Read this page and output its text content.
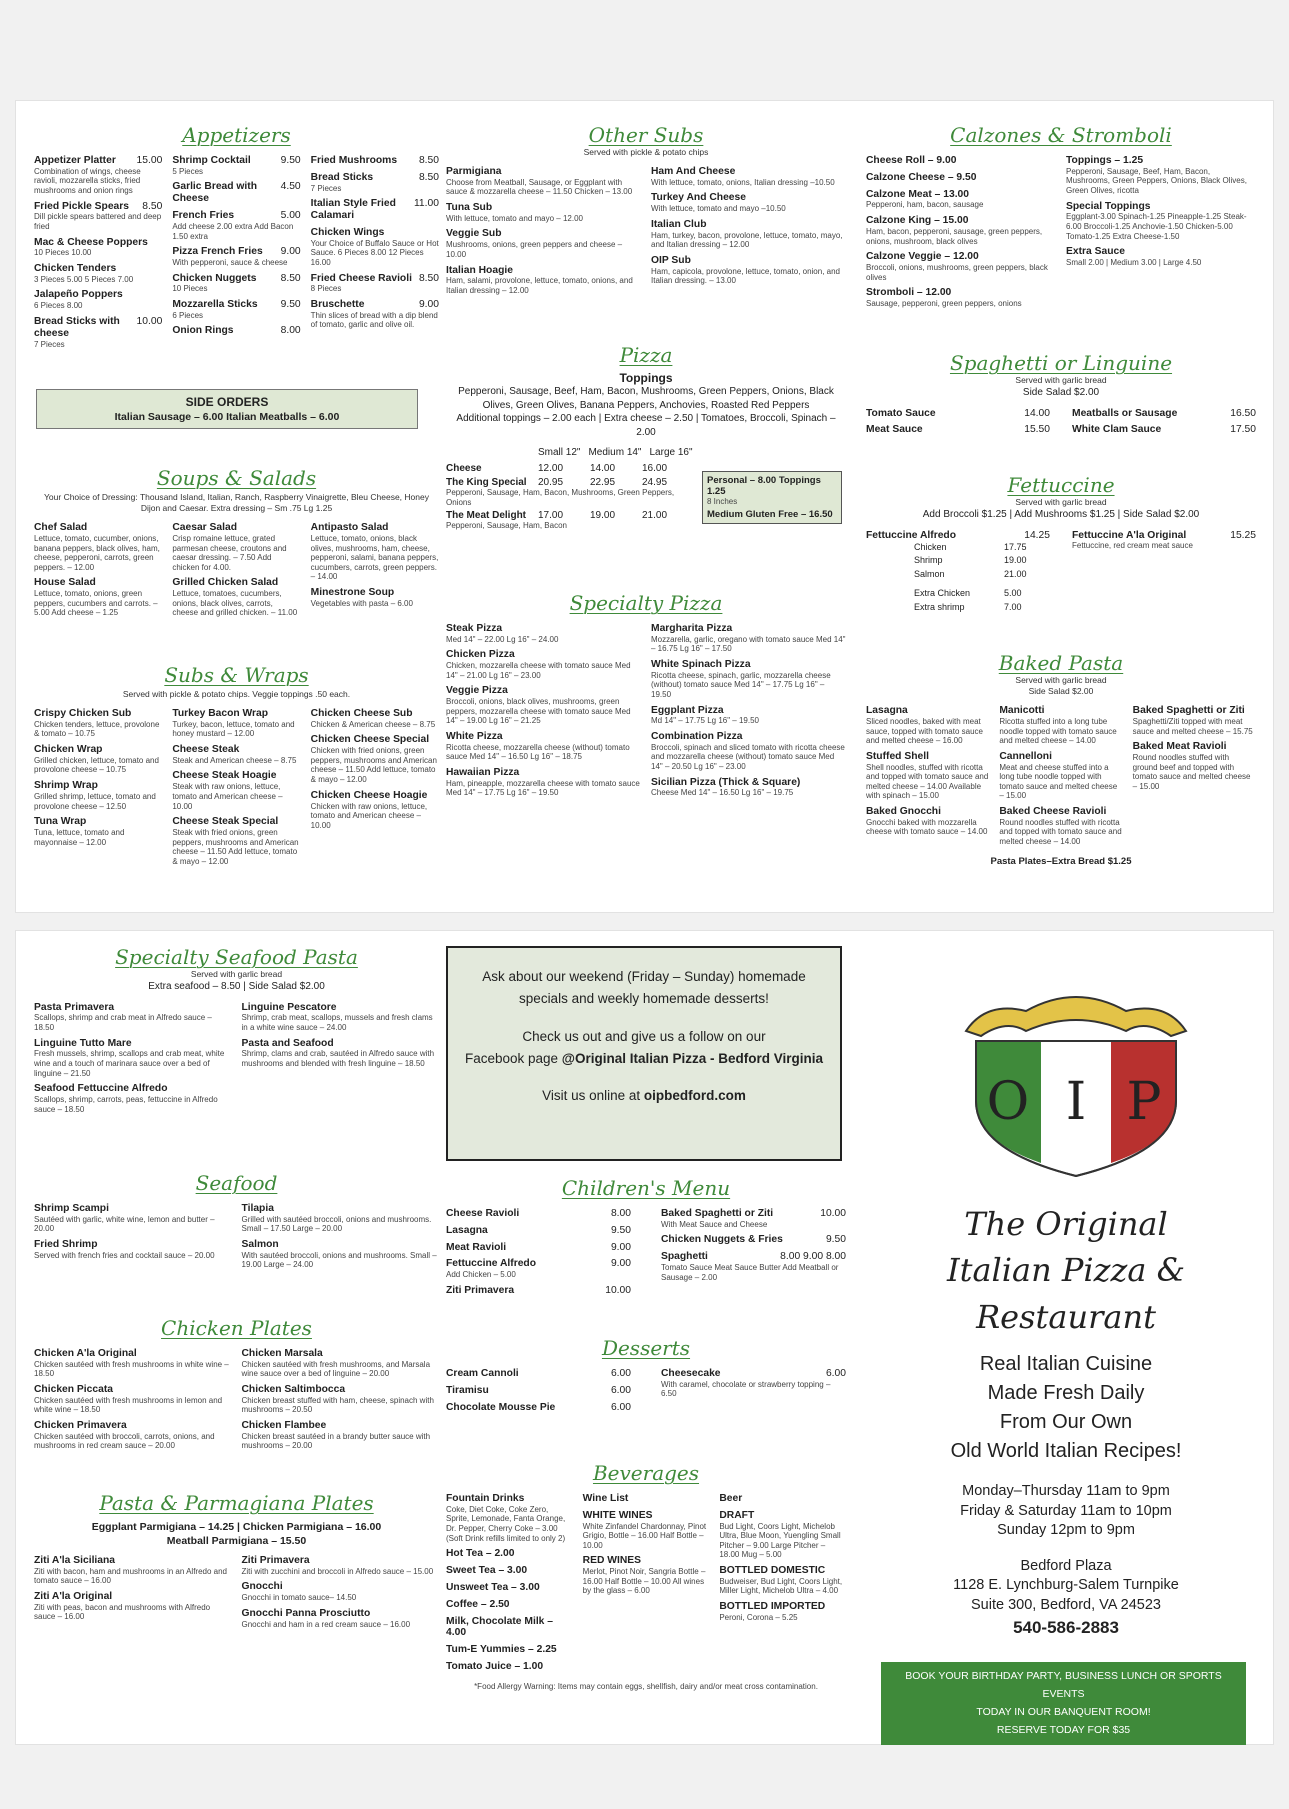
Appetizers
Appetizer Platter 15.00
Combination of wings, cheese ravioli, mozzarella sticks, fried mushrooms and onion rings
Fried Pickle Spears 8.50
Dill pickle spears battered and deep fried
Mac & Cheese Poppers
10 Pieces 10.00
Chicken Tenders
3 Pieces 5.00 5 Pieces 7.00
Jalapeño Poppers
6 Pieces 8.00
Bread Sticks with cheese
10.00
7 Pieces
Shrimp Cocktail	9.50
5 Pieces
Garlic Bread with Cheese
4.50
French Fries	5.00
Add cheese 2.00 extra Add Bacon 1.50 extra
Pizza French Fries 9.00
With pepperoni, sauce & cheese
Chicken Nuggets 8.50
10 Pieces
Mozzarella Sticks 9.50
6 Pieces
Onion Rings	8.00
Fried Mushrooms 8.50
Bread Sticks	8.50
7 Pieces
Italian Style Fried Calamari
11.00
Chicken Wings
Your Choice of Buffalo Sauce or Hot Sauce. 6 Pieces 8.00 12 Pieces 16.00
Fried Cheese Ravioli 8.50
8 Pieces
Bruschette	9.00
Thin slices of bread with a dip blend of tomato, garlic and olive oil.
SIDE ORDERS
Italian Sausage – 6.00 Italian Meatballs – 6.00
Soups & Salads
Your Choice of Dressing: Thousand Island, Italian, Ranch, Raspberry Vinaigrette, Bleu Cheese, Honey Dijon and Caesar. Extra dressing – Sm .75 Lg 1.25
Chef Salad
Lettuce, tomato, cucumber, onions, banana peppers, black olives, ham, cheese, pepperoni, carrots, green peppers. – 12.00
House Salad
Lettuce, tomato, onions, green peppers, cucumbers and carrots. – 5.00 Add cheese – 1.25
Caesar Salad
Crisp romaine lettuce, grated parmesan cheese, croutons and caesar dressing. – 7.50 Add chicken for 4.00.
Grilled Chicken Salad
Lettuce, tomatoes, cucumbers, onions, black olives, carrots, cheese and grilled chicken. – 11.00
Antipasto Salad
Lettuce, tomato, onions, black olives, mushrooms, ham, cheese, pepperoni, salami, banana peppers, cucumbers, carrots, green peppers. – 14.00
Minestrone Soup
Vegetables with pasta – 6.00
Subs & Wraps
Served with pickle & potato chips. Veggie toppings .50 each.
Crispy Chicken Sub
Chicken tenders, lettuce, provolone & tomato – 10.75
Chicken Wrap
Grilled chicken, lettuce, tomato and provolone cheese – 10.75
Shrimp Wrap
Grilled shrimp, lettuce, tomato and provolone cheese – 12.50
Tuna Wrap
Tuna, lettuce, tomato and mayonnaise – 12.00
Turkey Bacon Wrap
Turkey, bacon, lettuce, tomato and honey mustard – 12.00
Cheese Steak
Steak and American cheese – 8.75
Cheese Steak Hoagie
Steak with raw onions, lettuce, tomato and American cheese – 10.00
Cheese Steak Special
Steak with fried onions, green peppers, mushrooms and American cheese – 11.50 Add lettuce, tomato & mayo – 12.00
Chicken Cheese Sub
Chicken & American cheese – 8.75
Chicken Cheese Special
Chicken with fried onions, green peppers, mushrooms and American cheese – 11.50 Add lettuce, tomato & mayo – 12.00
Chicken Cheese Hoagie
Chicken with raw onions, lettuce, tomato and American cheese – 10.00
Other Subs
Served with pickle & potato chips
Parmigiana
Choose from Meatball, Sausage, or Eggplant with sauce & mozzarella cheese – 11.50 Chicken – 13.00
Tuna Sub
With lettuce, tomato and mayo – 12.00
Veggie Sub
Mushrooms, onions, green peppers and cheese – 10.00
Italian Hoagie
Ham, salami, provolone, lettuce, tomato, onions, and Italian dressing – 12.00
Ham And Cheese
With lettuce, tomato, onions, Italian dressing –10.50
Turkey And Cheese
With lettuce, tomato and mayo –10.50
Italian Club
Ham, turkey, bacon, provolone, lettuce, tomato, mayo, and Italian dressing – 12.00
OIP Sub
Ham, capicola, provolone, lettuce, tomato, onion, and Italian dressing. – 13.00
Pizza
Toppings
Pepperoni, Sausage, Beef, Ham, Bacon, Mushrooms, Green Peppers, Onions, Black Olives, Green Olives, Banana Peppers, Anchovies, Roasted Red Peppers
Additional toppings – 2.00 each | Extra cheese – 2.50 | Tomatoes, Broccoli, Spinach – 2.00
	Small 12"	Medium 14"	Large 16"
Cheese	12.00	14.00	16.00
The King Special	20.95	22.95	24.95
Pepperoni, Sausage, Ham, Bacon, Mushrooms, Green Peppers, Onions
The Meat Delight	17.00	19.00	21.00
Pepperoni, Sausage, Ham, Bacon
Personal – 8.00 Toppings 1.25
8 Inches
Medium Gluten Free – 16.50
Specialty Pizza
Steak Pizza
Med 14" – 22.00 Lg 16" – 24.00
Chicken Pizza
Chicken, mozzarella cheese with tomato sauce Med 14" – 21.00 Lg 16" – 23.00
Veggie Pizza
Broccoli, onions, black olives, mushrooms, green peppers, mozzarella cheese with tomato sauce Med 14" – 19.00 Lg 16" – 21.25
White Pizza
Ricotta cheese, mozzarella cheese (without) tomato sauce Med 14" – 16.50 Lg 16" – 18.75
Hawaiian Pizza
Ham, pineapple, mozzarella cheese with tomato sauce Med 14" – 17.75 Lg 16" – 19.50
Margharita Pizza
Mozzarella, garlic, oregano with tomato sauce Med 14" – 16.75 Lg 16" – 17.50
White Spinach Pizza
Ricotta cheese, spinach, garlic, mozzarella cheese (without) tomato sauce Med 14" – 17.75 Lg 16" – 19.50
Eggplant Pizza
Md 14" – 17.75 Lg 16" – 19.50
Combination Pizza
Broccoli, spinach and sliced tomato with ricotta cheese and mozzarella cheese (without) tomato sauce Med 14" – 20.50 Lg 16" – 23.00
Sicilian Pizza (Thick & Square)
Cheese Med 14" – 16.50 Lg 16" – 19.75
Calzones & Stromboli
Cheese Roll – 9.00
Calzone Cheese – 9.50
Calzone Meat – 13.00
Pepperoni, ham, bacon, sausage
Calzone King – 15.00
Ham, bacon, pepperoni, sausage, green peppers, onions, mushroom, black olives
Calzone Veggie – 12.00
Broccoli, onions, mushrooms, green peppers, black olives
Stromboli – 12.00
Sausage, pepperoni, green peppers, onions
Toppings – 1.25
Pepperoni, Sausage, Beef, Ham, Bacon, Mushrooms, Green Peppers, Onions, Black Olives, Green Olives, ricotta
Special Toppings
Eggplant-3.00 Spinach-1.25 Pineapple-1.25 Steak-6.00 Broccoli-1.25 Anchovie-1.50 Chicken-5.00 Tomato-1.25 Extra Cheese-1.50
Extra Sauce
Small 2.00 | Medium 3.00 | Large 4.50
Spaghetti or Linguine
Served with garlic bread
Side Salad $2.00
Tomato Sauce	14.00
Meat Sauce	15.50
Meatballs or Sausage	16.50
White Clam Sauce	17.50
Fettuccine
Served with garlic bread
Add Broccoli $1.25 | Add Mushrooms $1.25 | Side Salad $2.00
Fettuccine Alfredo	14.25
Chicken	17.75
Shrimp	19.00
Salmon	21.00
Extra Chicken	5.00
Extra shrimp	7.00
Fettuccine A'la Original	15.25
Fettuccine, red cream meat sauce
Baked Pasta
Served with garlic bread
Side Salad $2.00
Lasagna
Sliced noodles, baked with meat sauce, topped with tomato sauce and melted cheese – 16.00
Stuffed Shell
Shell noodles, stuffed with ricotta and topped with tomato sauce and melted cheese – 14.00 Available with spinach – 15.00
Baked Gnocchi
Gnocchi baked with mozzarella cheese with tomato sauce – 14.00
Manicotti
Ricotta stuffed into a long tube noodle topped with tomato sauce and melted cheese – 14.00
Cannelloni
Meat and cheese stuffed into a long tube noodle topped with tomato sauce and melted cheese – 15.00
Baked Cheese Ravioli
Round noodles stuffed with ricotta and topped with tomato sauce and melted cheese – 14.00
Baked Spaghetti or Ziti
Spaghetti/Ziti topped with meat sauce and melted cheese – 15.75
Baked Meat Ravioli
Round noodles stuffed with ground beef and topped with tomato sauce and melted cheese – 15.00
Pasta Plates–Extra Bread $1.25
Specialty Seafood Pasta
Served with garlic bread
Extra seafood – 8.50 | Side Salad $2.00
Pasta Primavera
Scallops, shrimp and crab meat in Alfredo sauce – 18.50
Linguine Tutto Mare
Fresh mussels, shrimp, scallops and crab meat, white wine and a touch of marinara sauce over a bed of linguine – 21.50
Seafood Fettuccine Alfredo
Scallops, shrimp, carrots, peas, fettuccine in Alfredo sauce – 18.50
Linguine Pescatore
Shrimp, crab meat, scallops, mussels and fresh clams in a white wine sauce – 24.00
Pasta and Seafood
Shrimp, clams and crab, sautéed in Alfredo sauce with mushrooms and blended with fresh linguine – 18.50
Seafood
Shrimp Scampi
Sautéed with garlic, white wine, lemon and butter – 20.00
Fried Shrimp
Served with french fries and cocktail sauce – 20.00
Tilapia
Grilled with sautéed broccoli, onions and mushrooms. Small – 17.50 Large – 20.00
Salmon
With sautéed broccoli, onions and mushrooms. Small – 19.00 Large – 24.00
Chicken Plates
Chicken A'la Original
Chicken sautéed with fresh mushrooms in white wine – 18.50
Chicken Piccata
Chicken sautéed with fresh mushrooms in lemon and white wine – 18.50
Chicken Primavera
Chicken sautéed with broccoli, carrots, onions, and mushrooms in red cream sauce – 20.00
Chicken Marsala
Chicken sautéed with fresh mushrooms, and Marsala wine sauce over a bed of linguine – 20.00
Chicken Saltimbocca
Chicken breast stuffed with ham, cheese, spinach with mushrooms – 20.50
Chicken Flambee
Chicken breast sautéed in a brandy butter sauce with mushrooms – 20.00
Pasta & Parmagiana Plates
Eggplant Parmigiana – 14.25 | Chicken Parmigiana – 16.00
Meatball Parmigiana – 15.50
Ziti A'la Siciliana
Ziti with bacon, ham and mushrooms in an Alfredo and tomato sauce – 16.00
Ziti A'la Original
Ziti with peas, bacon and mushrooms with Alfredo sauce – 16.00
Ziti Primavera
Ziti with zucchini and broccoli in Alfredo sauce – 15.00
Gnocchi
Gnocchi in tomato sauce– 14.50
Gnocchi Panna Prosciutto
Gnocchi and ham in a red cream sauce – 16.00
Ask about our weekend (Friday – Sunday) homemade
specials and weekly homemade desserts!
Check us out and give us a follow on our
Facebook page @Original Italian Pizza - Bedford Virginia
Visit us online at oipbedford.com
Children's Menu
Cheese Ravioli	8.00
Lasagna	9.50
Meat Ravioli	9.00
Fettuccine Alfredo	9.00
Add Chicken – 5.00
Ziti Primavera	10.00
Baked Spaghetti or Ziti	10.00
With Meat Sauce and Cheese
Chicken Nuggets & Fries	9.50
Spaghetti	8.00 9.00 8.00
Tomato Sauce Meat Sauce Butter Add Meatball or Sausage – 2.00
Desserts
Cream Cannoli	6.00
Tiramisu	6.00
Chocolate Mousse Pie	6.00
Cheesecake	6.00
With caramel, chocolate or strawberry topping – 6.50
Beverages
Fountain Drinks
Coke, Diet Coke, Coke Zero, Sprite, Lemonade, Fanta Orange, Dr. Pepper, Cherry Coke – 3.00 (Soft Drink refills limited to only 2)
Hot Tea – 2.00
Sweet Tea – 3.00
Unsweet Tea – 3.00
Coffee – 2.50
Milk, Chocolate Milk – 4.00
Tum-E Yummies – 2.25
Tomato Juice – 1.00
Wine List
WHITE WINES
White Zinfandel Chardonnay, Pinot Grigio, Bottle – 16.00 Half Bottle – 10.00
RED WINES
Merlot, Pinot Noir, Sangria Bottle – 16.00 Half Bottle – 10.00 All wines by the glass – 6.00
Beer
DRAFT
Bud Light, Coors Light, Michelob Ultra, Blue Moon, Yuengling Small Pitcher – 9.00 Large Pitcher – 18.00 Mug – 5.00
BOTTLED DOMESTIC
Budweiser, Bud Light, Coors Light, Miller Light, Michelob Ultra – 4.00
BOTTLED IMPORTED
Peroni, Corona – 5.25
*Food Allergy Warning: Items may contain eggs, shellfish, dairy and/or meat cross contamination.
O I P
The Original
Italian Pizza & Restaurant
Real Italian Cuisine
Made Fresh Daily
From Our Own
Old World Italian Recipes!
Monday–Thursday 11am to 9pm
Friday & Saturday 11am to 10pm
Sunday 12pm to 9pm
Bedford Plaza
1128 E. Lynchburg-Salem Turnpike
Suite 300, Bedford, VA 24523
540-586-2883
BOOK YOUR BIRTHDAY PARTY, BUSINESS LUNCH OR SPORTS EVENTS
TODAY IN OUR BANQUENT ROOM!
RESERVE TODAY FOR $35
